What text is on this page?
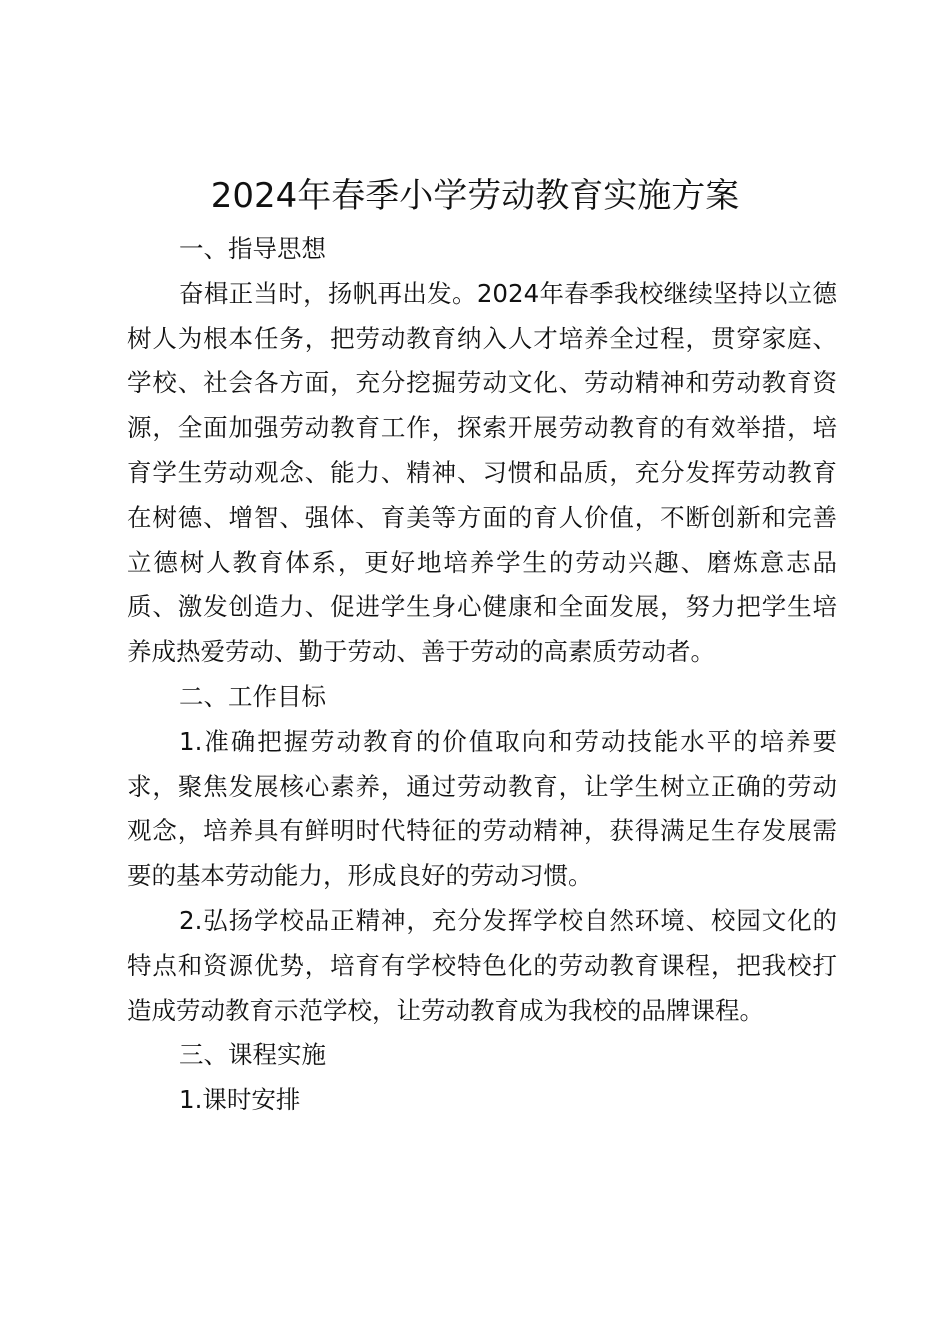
2024年春季小学劳动教育实施方案

一、指导思想

奋楫正当时，扬帆再出发。2024年春季我校继续坚持以立德树人为根本任务，把劳动教育纳入人才培养全过程，贯穿家庭、学校、社会各方面，充分挖掘劳动文化、劳动精神和劳动教育资源，全面加强劳动教育工作，探索开展劳动教育的有效举措，培育学生劳动观念、能力、精神、习惯和品质，充分发挥劳动教育在树德、增智、强体、育美等方面的育人价值，不断创新和完善立德树人教育体系，更好地培养学生的劳动兴趣、磨炼意志品质、激发创造力、促进学生身心健康和全面发展，努力把学生培养成热爱劳动、勤于劳动、善于劳动的高素质劳动者。

二、工作目标

1.准确把握劳动教育的价值取向和劳动技能水平的培养要求，聚焦发展核心素养，通过劳动教育，让学生树立正确的劳动观念，培养具有鲜明时代特征的劳动精神，获得满足生存发展需要的基本劳动能力，形成良好的劳动习惯。

2.弘扬学校品正精神，充分发挥学校自然环境、校园文化的特点和资源优势，培育有学校特色化的劳动教育课程，把我校打造成劳动教育示范学校，让劳动教育成为我校的品牌课程。

三、课程实施

1.课时安排
